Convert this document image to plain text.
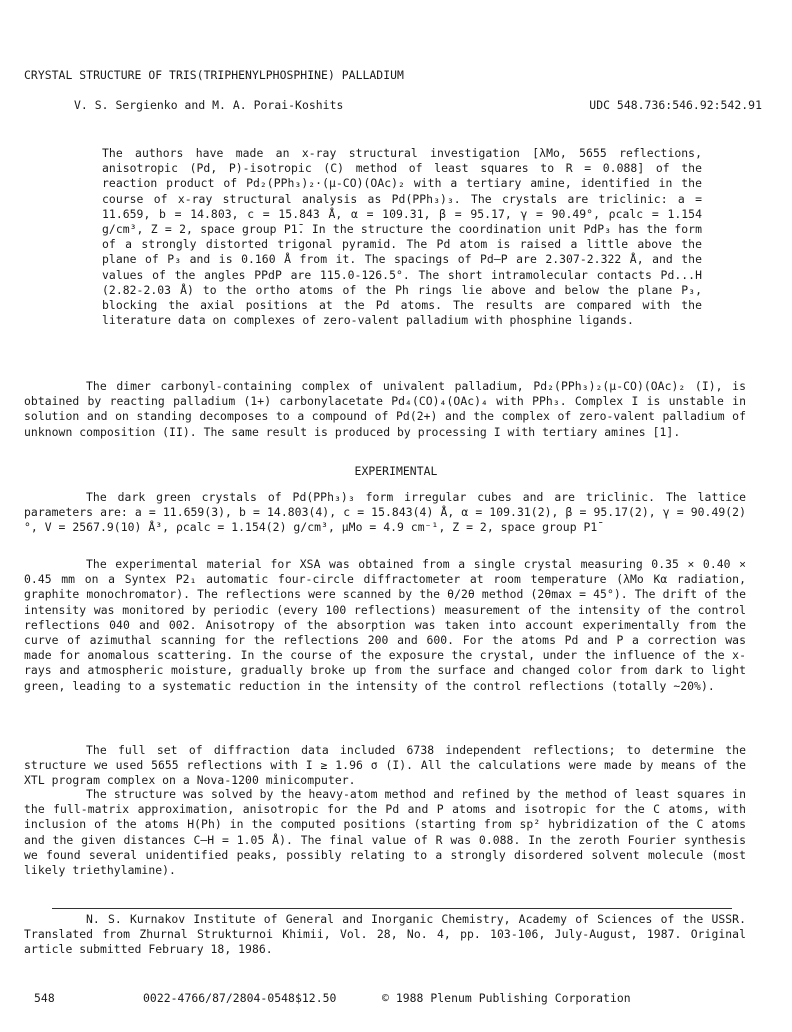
CRYSTAL STRUCTURE OF TRIS(TRIPHENYLPHOSPHINE) PALLADIUM
V. S. Sergienko and M. A. Porai-Koshits	UDC 548.736:546.92:542.91
The authors have made an x-ray structural investigation [λMo, 5655 reflections, anisotropic (Pd, P)-isotropic (C) method of least squares to R = 0.088] of the reaction product of Pd₂(PPh₃)₂·(μ-CO)(OAc)₂ with a tertiary amine, identified in the course of x-ray structural analysis as Pd(PPh₃)₃. The crystals are triclinic: a = 11.659, b = 14.803, c = 15.843 Å, α = 109.31, β = 95.17, γ = 90.49°, ρcalc = 1.154 g/cm³, Z = 2, space group P1̄. In the structure the coordination unit PdP₃ has the form of a strongly distorted trigonal pyramid. The Pd atom is raised a little above the plane of P₃ and is 0.160 Å from it. The spacings of Pd–P are 2.307-2.322 Å, and the values of the angles PPdP are 115.0-126.5°. The short intramolecular contacts Pd...H (2.82-2.03 Å) to the ortho atoms of the Ph rings lie above and below the plane P₃, blocking the axial positions at the Pd atoms. The results are compared with the literature data on complexes of zero-valent palladium with phosphine ligands.
The dimer carbonyl-containing complex of univalent palladium, Pd₂(PPh₃)₂(μ-CO)(OAc)₂ (I), is obtained by reacting palladium (1+) carbonylacetate Pd₄(CO)₄(OAc)₄ with PPh₃. Complex I is unstable in solution and on standing decomposes to a compound of Pd(2+) and the complex of zero-valent palladium of unknown composition (II). The same result is produced by processing I with tertiary amines [1].
EXPERIMENTAL
The dark green crystals of Pd(PPh₃)₃ form irregular cubes and are triclinic. The lattice parameters are: a = 11.659(3), b = 14.803(4), c = 15.843(4) Å, α = 109.31(2), β = 95.17(2), γ = 90.49(2)°, V = 2567.9(10) Å³, ρcalc = 1.154(2) g/cm³, μMo = 4.9 cm⁻¹, Z = 2, space group P1̄
The experimental material for XSA was obtained from a single crystal measuring 0.35 × 0.40 × 0.45 mm on a Syntex P2₁ automatic four-circle diffractometer at room temperature (λMo Kα radiation, graphite monochromator). The reflections were scanned by the θ/2θ method (2θmax = 45°). The drift of the intensity was monitored by periodic (every 100 reflections) measurement of the intensity of the control reflections 040 and 002. Anisotropy of the absorption was taken into account experimentally from the curve of azimuthal scanning for the reflections 200 and 600. For the atoms Pd and P a correction was made for anomalous scattering. In the course of the exposure the crystal, under the influence of the x-rays and atmospheric moisture, gradually broke up from the surface and changed color from dark to light green, leading to a systematic reduction in the intensity of the control reflections (totally ~20%).
The full set of diffraction data included 6738 independent reflections; to determine the structure we used 5655 reflections with I ≥ 1.96 σ (I). All the calculations were made by means of the XTL program complex on a Nova-1200 minicomputer.
The structure was solved by the heavy-atom method and refined by the method of least squares in the full-matrix approximation, anisotropic for the Pd and P atoms and isotropic for the C atoms, with inclusion of the atoms H(Ph) in the computed positions (starting from sp² hybridization of the C atoms and the given distances C–H = 1.05 Å). The final value of R was 0.088. In the zeroth Fourier synthesis we found several unidentified peaks, possibly relating to a strongly disordered solvent molecule (most likely triethylamine).
N. S. Kurnakov Institute of General and Inorganic Chemistry, Academy of Sciences of the USSR. Translated from Zhurnal Strukturnoi Khimii, Vol. 28, No. 4, pp. 103-106, July-August, 1987. Original article submitted February 18, 1986.
548	0022-4766/87/2804-0548$12.50	© 1988 Plenum Publishing Corporation
